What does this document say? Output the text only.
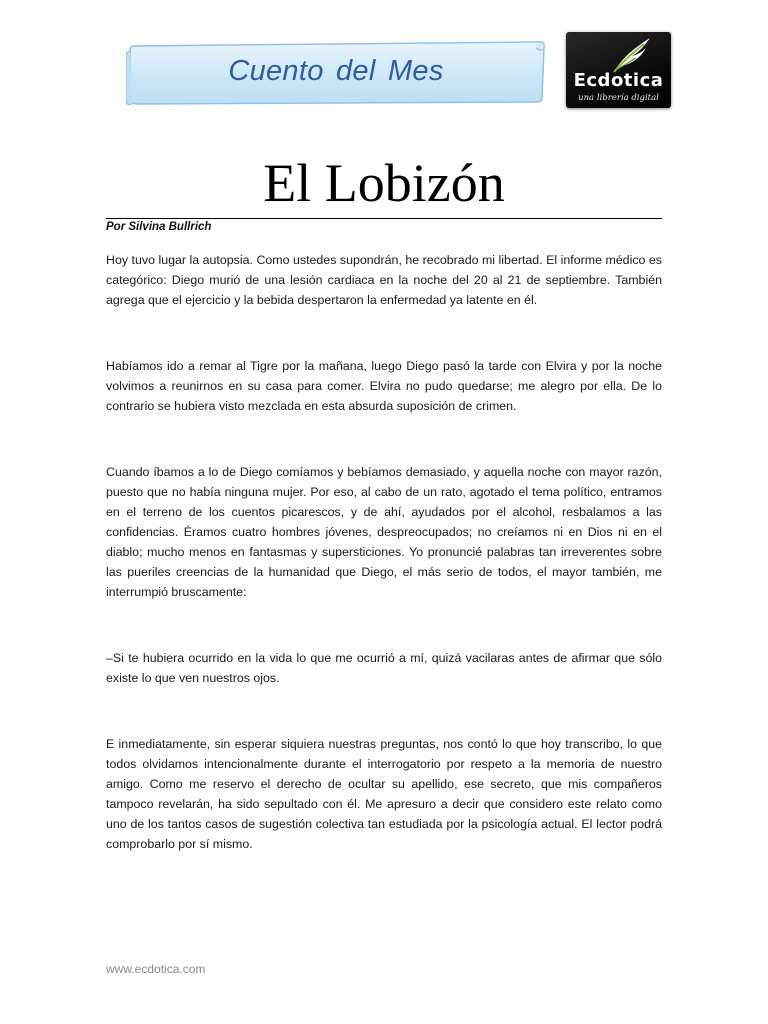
Cuento del Mes	Ecdotica
una librería digital
El Lobizón
Por Silvina Bullrich

Hoy tuvo lugar la autopsia. Como ustedes supondrán, he recobrado mi libertad. El informe médico es categórico: Diego murió de una lesión cardiaca en la noche del 20 al 21 de septiembre. También agrega que el ejercicio y la bebida despertaron la enfermedad ya latente en él.

Habíamos ido a remar al Tigre por la mañana, luego Diego pasó la tarde con Elvira y por la noche volvimos a reunirnos en su casa para comer. Elvira no pudo quedarse; me alegro por ella. De lo contrario se hubiera visto mezclada en esta absurda suposición de crimen.

Cuando íbamos a lo de Diego comíamos y bebíamos demasiado, y aquella noche con mayor razón, puesto que no había ninguna mujer. Por eso, al cabo de un rato, agotado el tema político, entramos en el terreno de los cuentos picarescos, y de ahí, ayudados por el alcohol, resbalamos a las confidencias. Éramos cuatro hombres jóvenes, despreocupados; no creíamos ni en Dios ni en el diablo; mucho menos en fantasmas y supersticiones. Yo pronuncié palabras tan irreverentes sobre las pueriles creencias de la humanidad que Diego, el más serio de todos, el mayor también, me interrumpió bruscamente:

–Si te hubiera ocurrido en la vida lo que me ocurrió a mí, quizá vacilaras antes de afirmar que sólo existe lo que ven nuestros ojos.

E inmediatamente, sin esperar siquiera nuestras preguntas, nos contó lo que hoy transcribo, lo que todos olvidamos intencionalmente durante el interrogatorio por respeto a la memoria de nuestro amigo. Como me reservo el derecho de ocultar su apellido, ese secreto, que mis compañeros tampoco revelarán, ha sido sepultado con él. Me apresuro a decir que considero este relato como uno de los tantos casos de sugestión colectiva tan estudiada por la psicología actual. El lector podrá comprobarlo por sí mismo.

www.ecdotica.com
